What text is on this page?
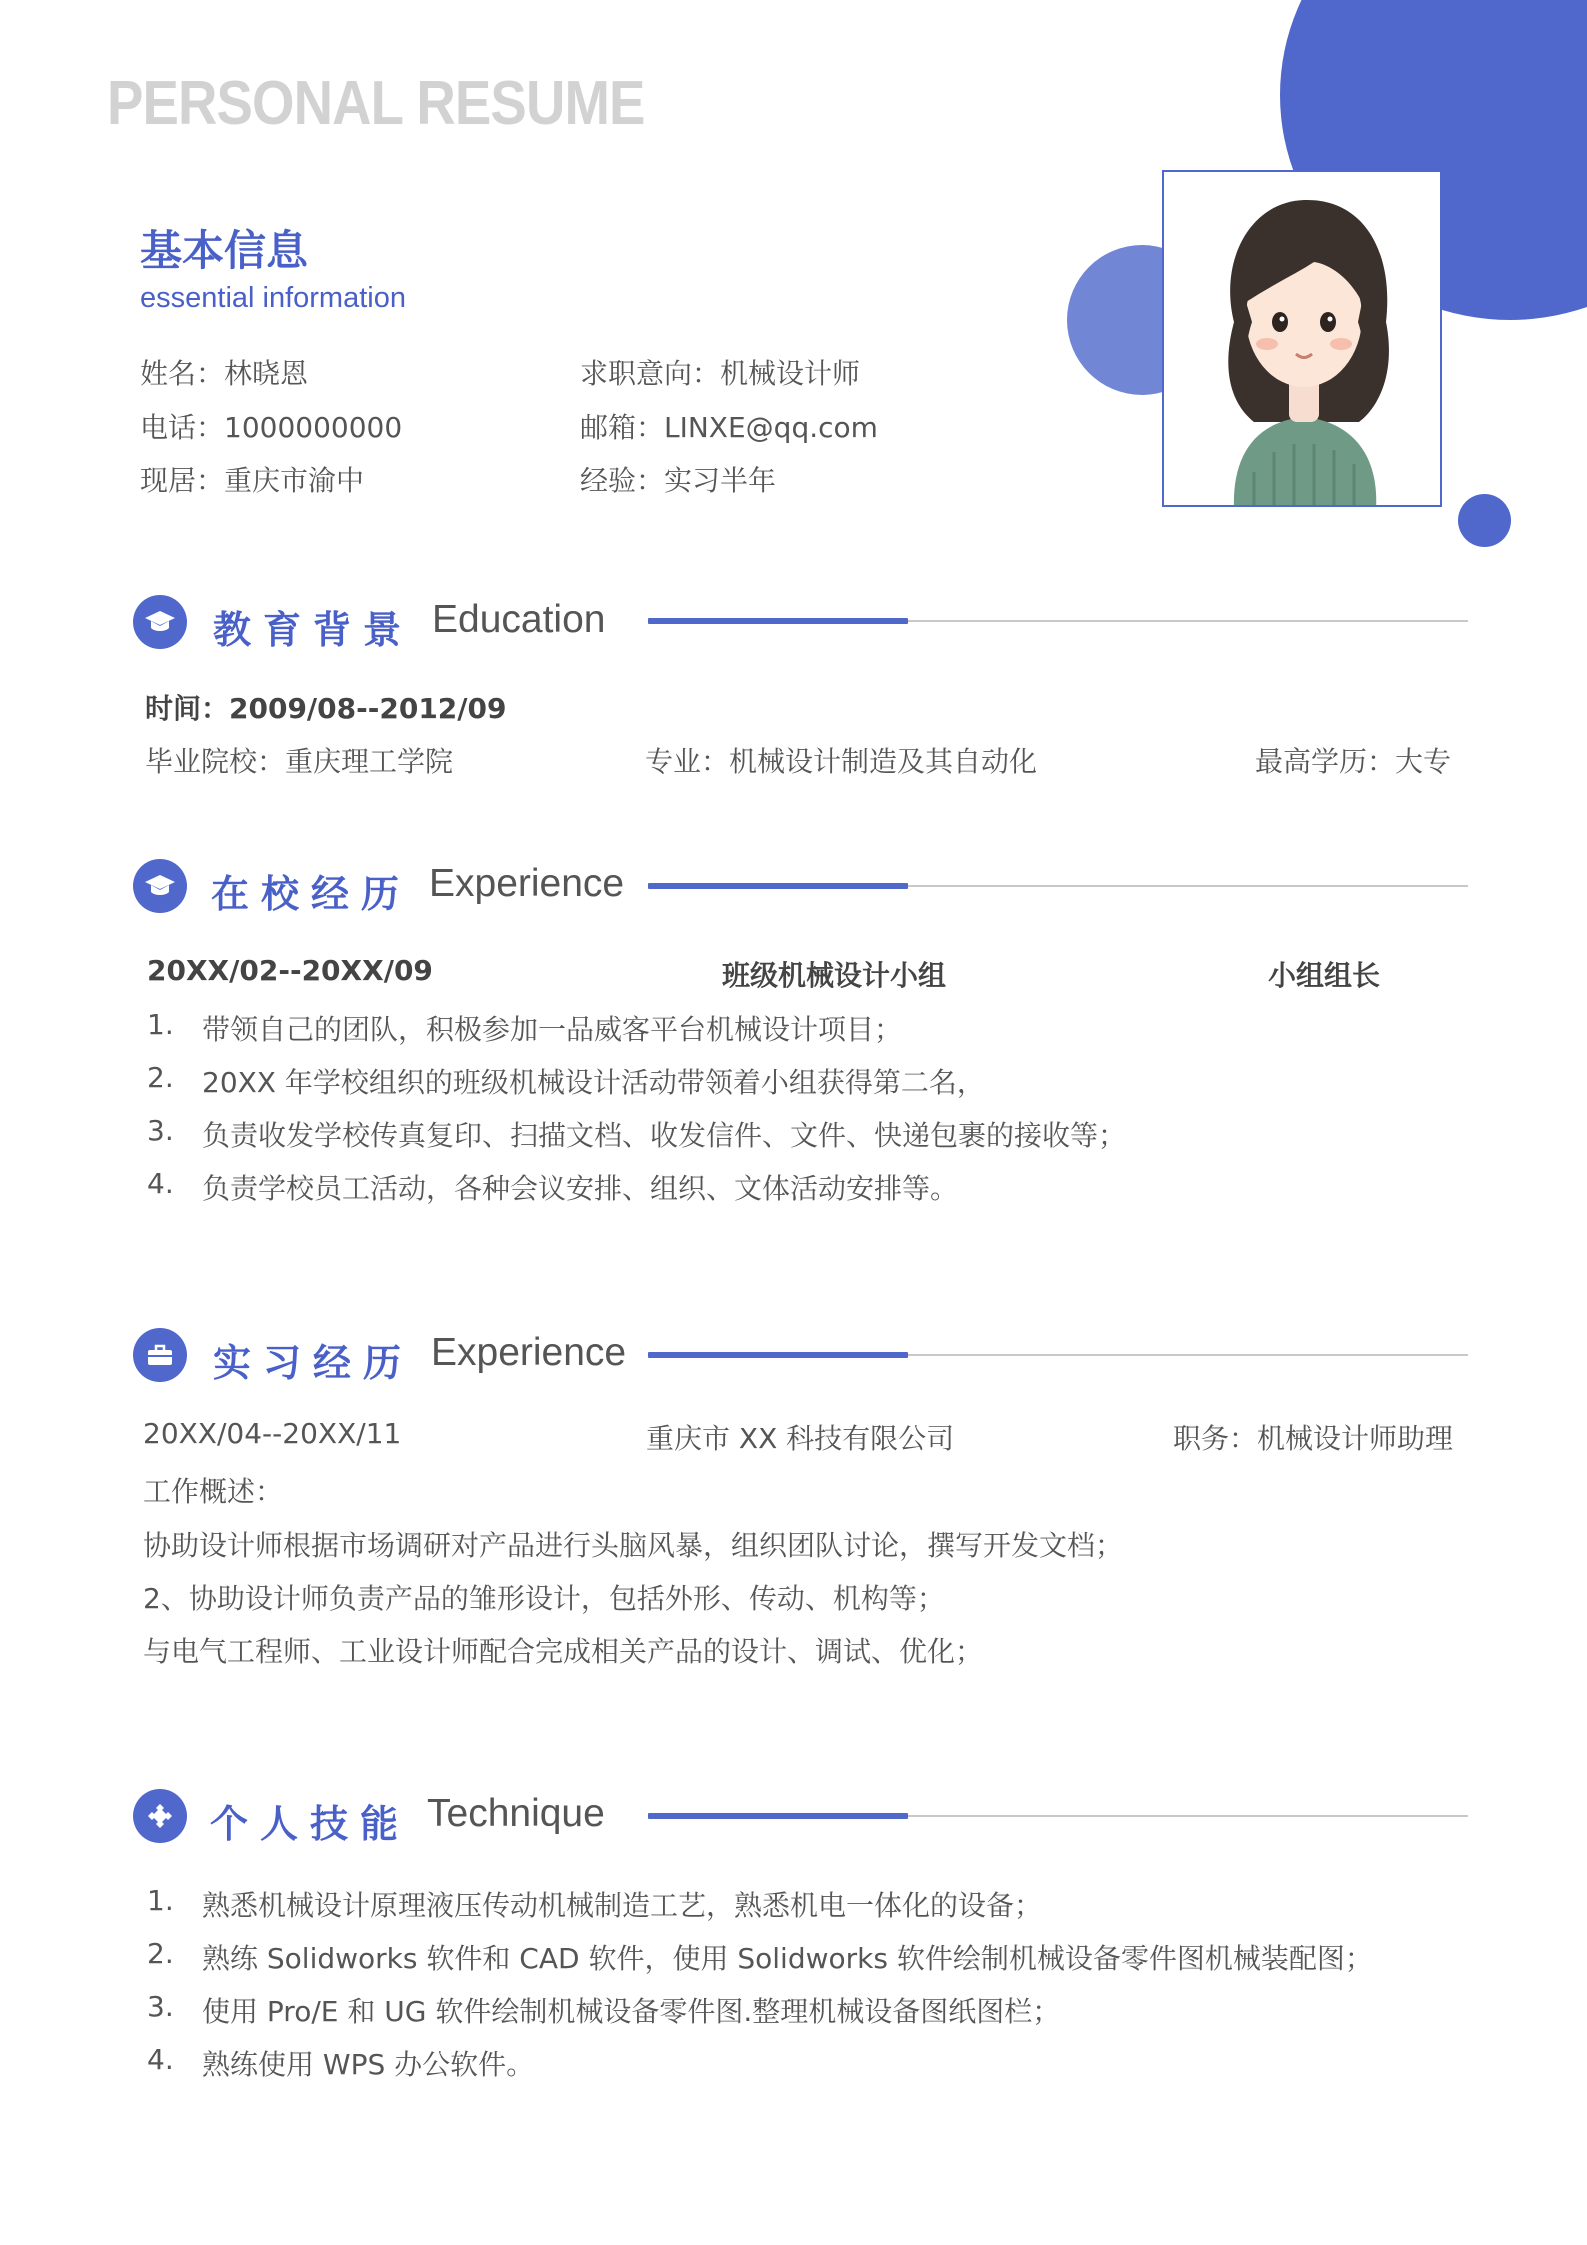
PERSONAL RESUME
基本信息
essential information
姓名：林晓恩	求职意向：机械设计师
电话：1000000000	邮箱：LINXE@qq.com
现居：重庆市渝中	经验：实习半年
教育背景 Education
时间：2009/08--2012/09
毕业院校：重庆理工学院	专业：机械设计制造及其自动化	最高学历：大专
在校经历 Experience
20XX/02--20XX/09	班级机械设计小组	小组组长
1. 带领自己的团队，积极参加一品威客平台机械设计项目；
2. 20XX 年学校组织的班级机械设计活动带领着小组获得第二名，
3. 负责收发学校传真复印、扫描文档、收发信件、文件、快递包裹的接收等；
4. 负责学校员工活动，各种会议安排、组织、文体活动安排等。
实习经历 Experience
20XX/04--20XX/11	重庆市 XX 科技有限公司	职务：机械设计师助理
工作概述：
协助设计师根据市场调研对产品进行头脑风暴，组织团队讨论，撰写开发文档；
2、协助设计师负责产品的雏形设计，包括外形、传动、机构等；
与电气工程师、工业设计师配合完成相关产品的设计、调试、优化；
个人技能 Technique
1. 熟悉机械设计原理液压传动机械制造工艺，熟悉机电一体化的设备；
2. 熟练 Solidworks 软件和 CAD 软件，使用 Solidworks 软件绘制机械设备零件图机械装配图；
3. 使用 Pro/E 和 UG 软件绘制机械设备零件图.整理机械设备图纸图栏；
4. 熟练使用 WPS 办公软件。
